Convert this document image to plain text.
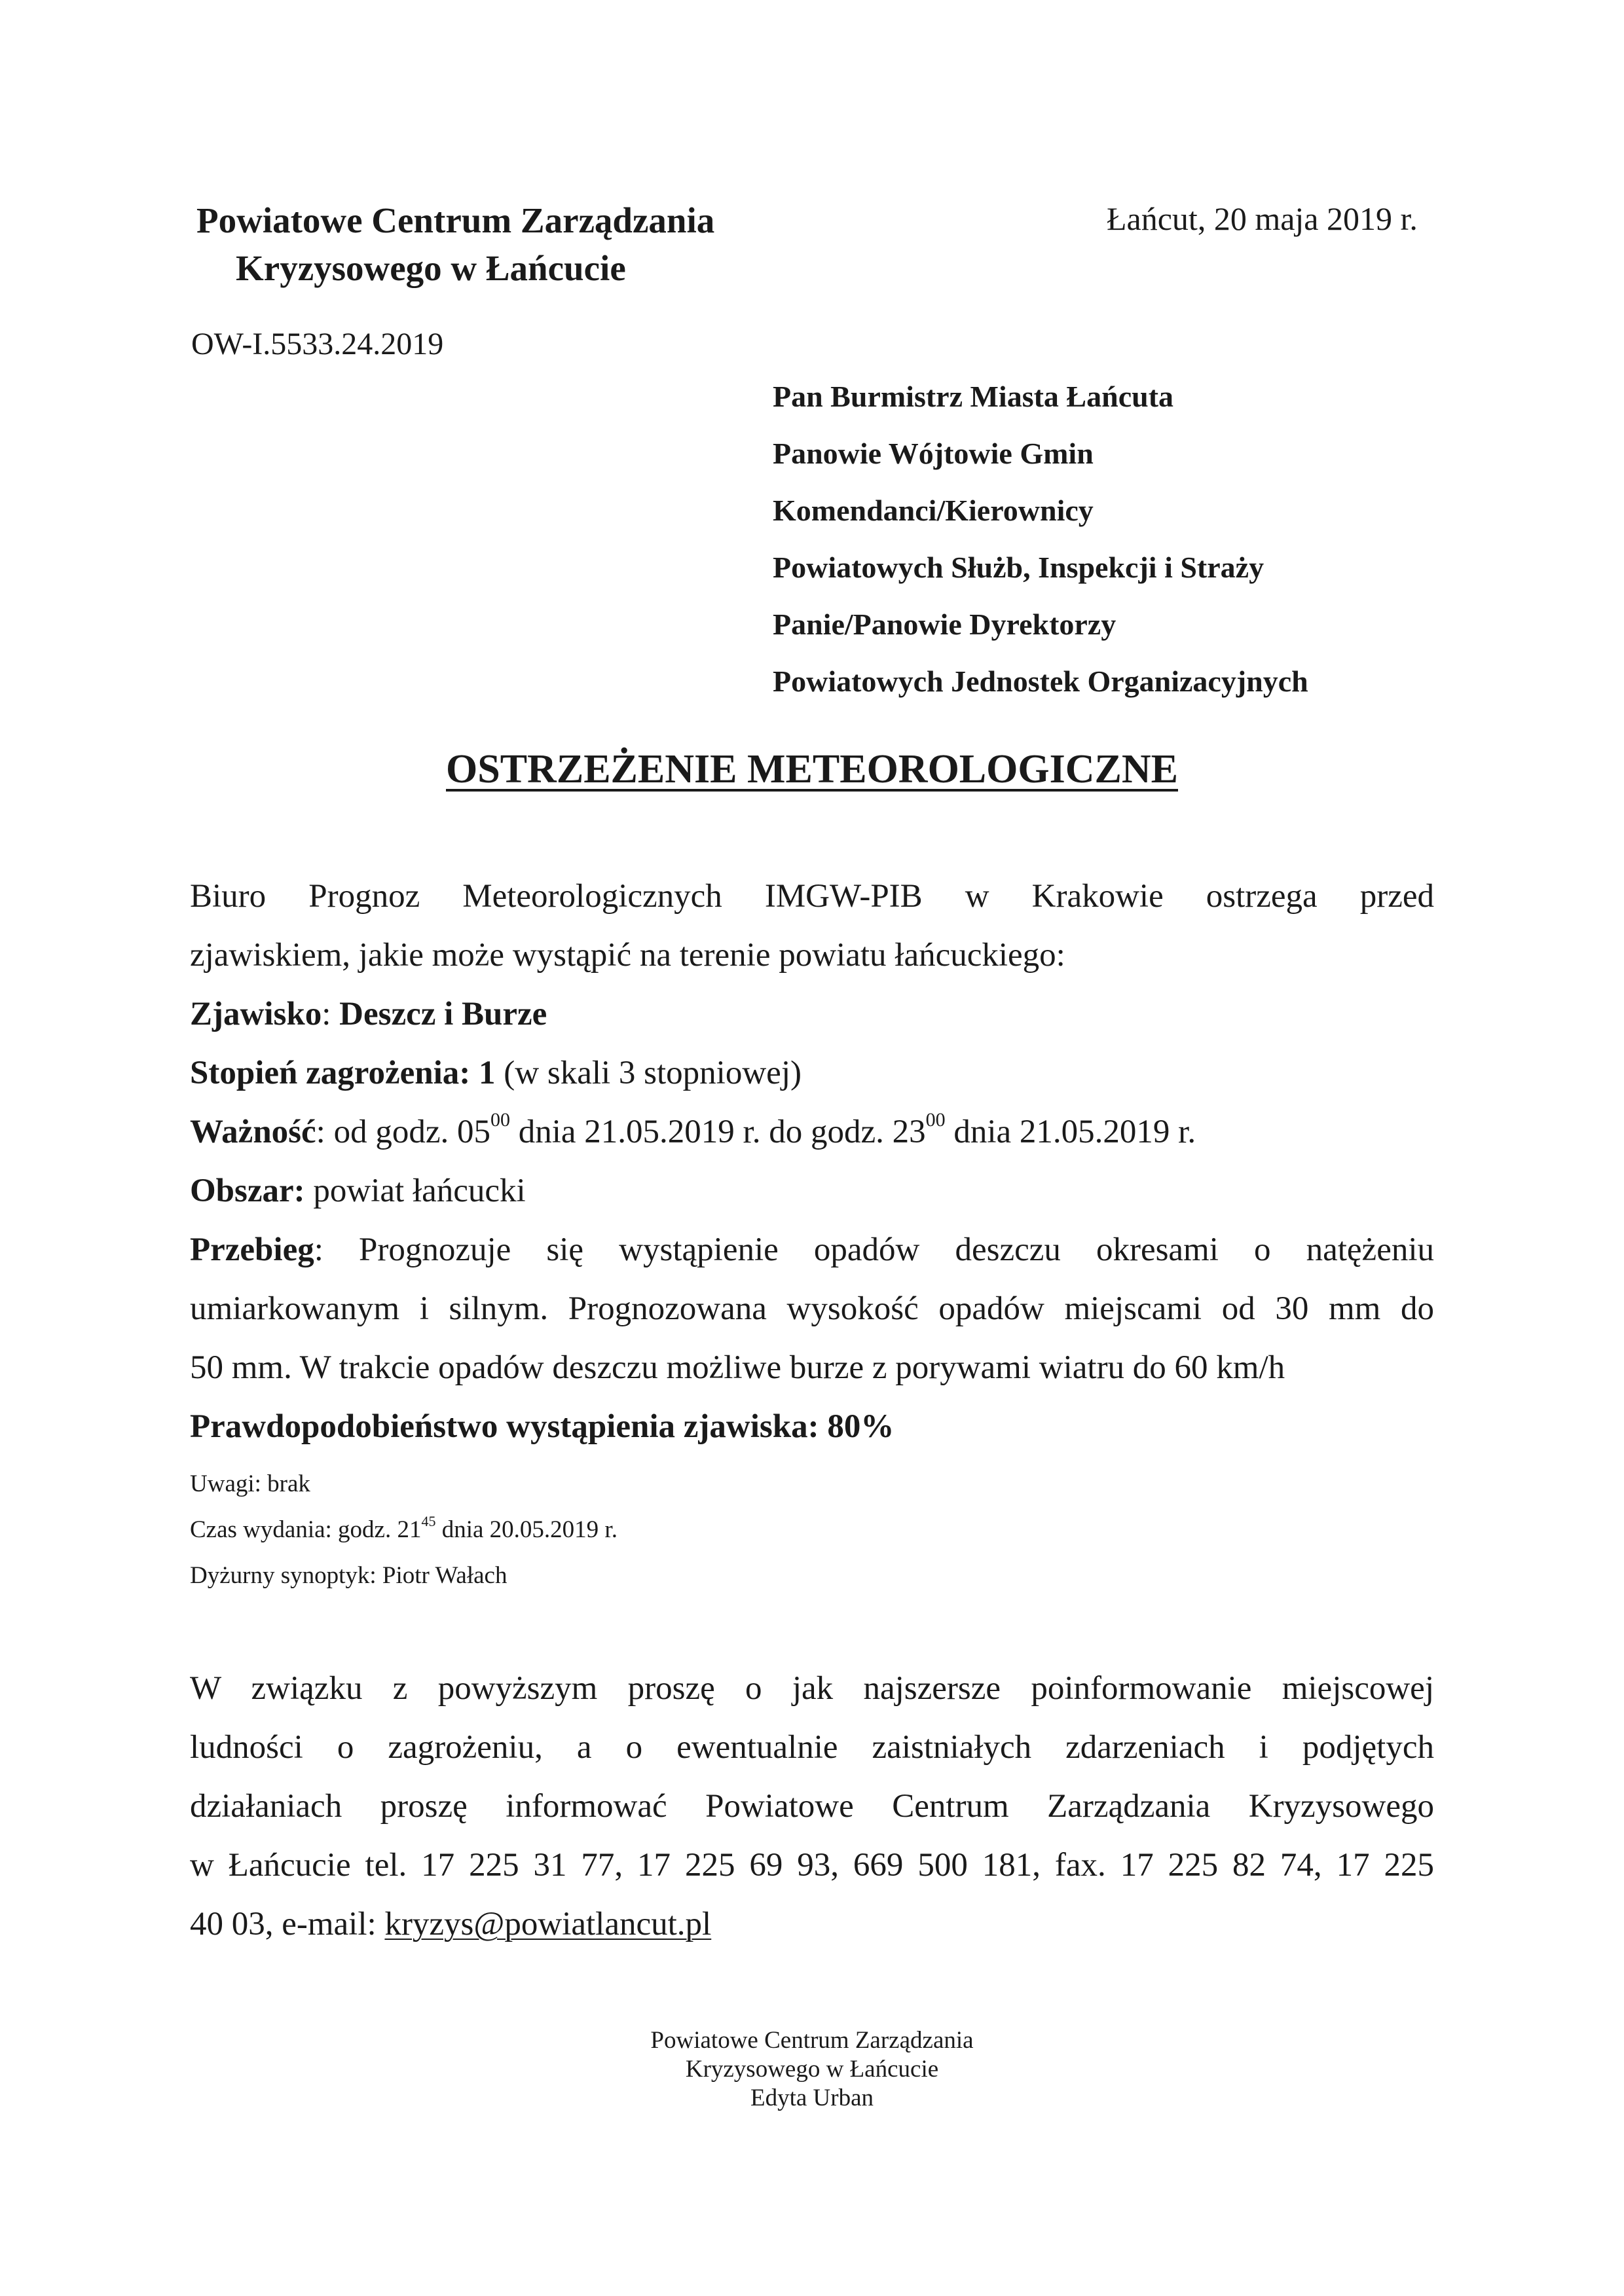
Powiatowe Centrum Zarządzania
Kryzysowego w Łańcucie
Łańcut, 20 maja 2019 r.
OW-I.5533.24.2019
Pan Burmistrz Miasta Łańcuta
Panowie Wójtowie Gmin
Komendanci/Kierownicy
Powiatowych Służb, Inspekcji i Straży
Panie/Panowie Dyrektorzy
Powiatowych Jednostek Organizacyjnych
OSTRZEŻENIE METEOROLOGICZNE
Biuro Prognoz Meteorologicznych IMGW-PIB w Krakowie ostrzega przed
zjawiskiem, jakie może wystąpić na terenie powiatu łańcuckiego:
Zjawisko: Deszcz i Burze
Stopień zagrożenia: 1 (w skali 3 stopniowej)
Ważność: od godz. $05^{00}$ dnia 21.05.2019 r. do godz. $23^{00}$ dnia 21.05.2019 r.
Obszar: powiat łańcucki
Przebieg: Prognozuje się wystąpienie opadów deszczu okresami o natężeniu
umiarkowanym i silnym. Prognozowana wysokość opadów miejscami od 30 mm do
50 mm. W trakcie opadów deszczu możliwe burze z porywami wiatru do 60 km/h
Prawdopodobieństwo wystąpienia zjawiska: 80%
Uwagi: brak
Czas wydania: godz. $21^{45}$ dnia 20.05.2019 r.
Dyżurny synoptyk: Piotr Wałach
W związku z powyższym proszę o jak najszersze poinformowanie miejscowej
ludności o zagrożeniu, a o ewentualnie zaistniałych zdarzeniach i podjętych
działaniach proszę informować Powiatowe Centrum Zarządzania Kryzysowego
w Łańcucie tel. 17 225 31 77, 17 225 69 93, 669 500 181, fax. 17 225 82 74, 17 225
40 03, e-mail: kryzys@powiatlancut.pl
Powiatowe Centrum Zarządzania
Kryzysowego w Łańcucie
Edyta Urban
